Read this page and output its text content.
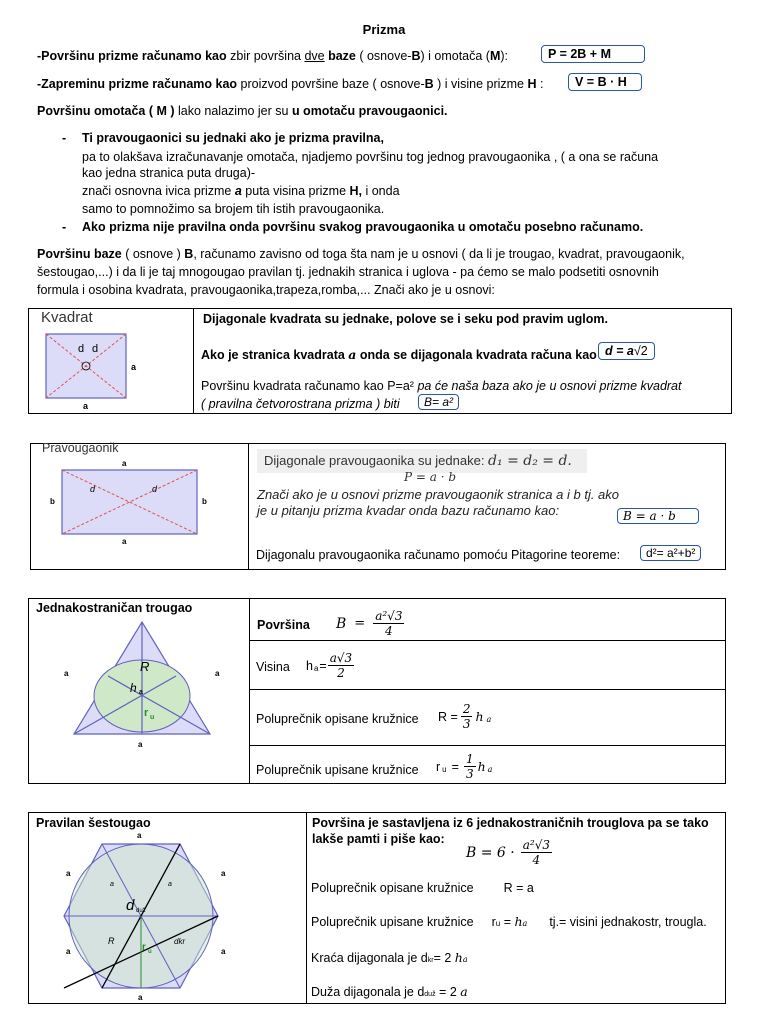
Prizma
-Površinu prizme računamo kao zbir površina dve baze ( osnove-B) i omotača (M):	P = 2B + M
-Zapreminu prizme računamo kao proizvod površine baze ( osnove-B ) i visine prizme H :	V = B · H
Površinu omotača ( M ) lako nalazimo jer su u omotaču pravougaonici.
- Ti pravougaonici su jednaki ako je prizma pravilna,
pa to olakšava izračunavanje omotača, njadjemo površinu tog jednog pravougaonika , ( a ona se računa
kao jedna stranica puta druga)-
znači osnovna ivica prizme a puta visina prizme H, i onda
samo to pomnožimo sa brojem tih istih pravougaonika.
- Ako prizma nije pravilna onda površinu svakog pravougaonika u omotaču posebno računamo.
Površinu baze ( osnove ) B, računamo zavisno od toga šta nam je u osnovi ( da li je trougao, kvadrat, pravougaonik,
šestougao,...) i da li je taj mnogougao pravilan tj. jednakih stranica i uglova - pa ćemo se malo podsetiti osnovnih
formula i osobina kvadrata, pravougaonika,trapeza,romba,... Znači ako je u osnovi:
Kvadrat
d d
a
a
Dijagonale kvadrata su jednake, polove se i seku pod pravim uglom.
Ako je stranica kvadrata a onda se dijagonala kvadrata računa kao d = a√2
Površinu kvadrata računamo kao P=a² pa će naša baza ako je u osnovi prizme kvadrat
( pravilna četvorostrana prizma ) biti	B= a²
Pravougaonik
a
a
b	b
d	d
Dijagonale pravougaonika su jednake: d₁ = d₂ = d.
P = a · b
Znači ako je u osnovi prizme pravougaonik stranica a i b tj. ako
je u pitanju prizma kvadar onda bazu računamo kao:	B = a · b
Dijagonalu pravougaonika računamo pomoću Pitagorine teoreme:	d²= a²+b²
Jednakostraničan trougao
a	a
a
R
h a
r u
Površina $B = \frac{\text{a²√3}}{4}$
Visina h $a = \frac{a√3}{2}$
Poluprečnik opisane kružnice $R = \frac{2}{3}$ h a
Poluprečnik upisane kružnice r $u = \frac{1}{3}$ h a
Pravilan šestougao
a
a	a
a	a
a
a	a
d duž
R
r u
dkr
Površina je sastavljena iz 6 jednakostraničnih trouglova pa se tako
lakše pamti i piše kao:
$B = 6 \cdot \frac{\text{a²√3}}{4}$
Poluprečnik opisane kružnice R = a
Poluprečnik upisane kružnice ru = ha tj.= visini jednakostr, trougla.
Kraća dijagonala je dkr= 2 ha
Duža dijagonala je dduž = 2 a
